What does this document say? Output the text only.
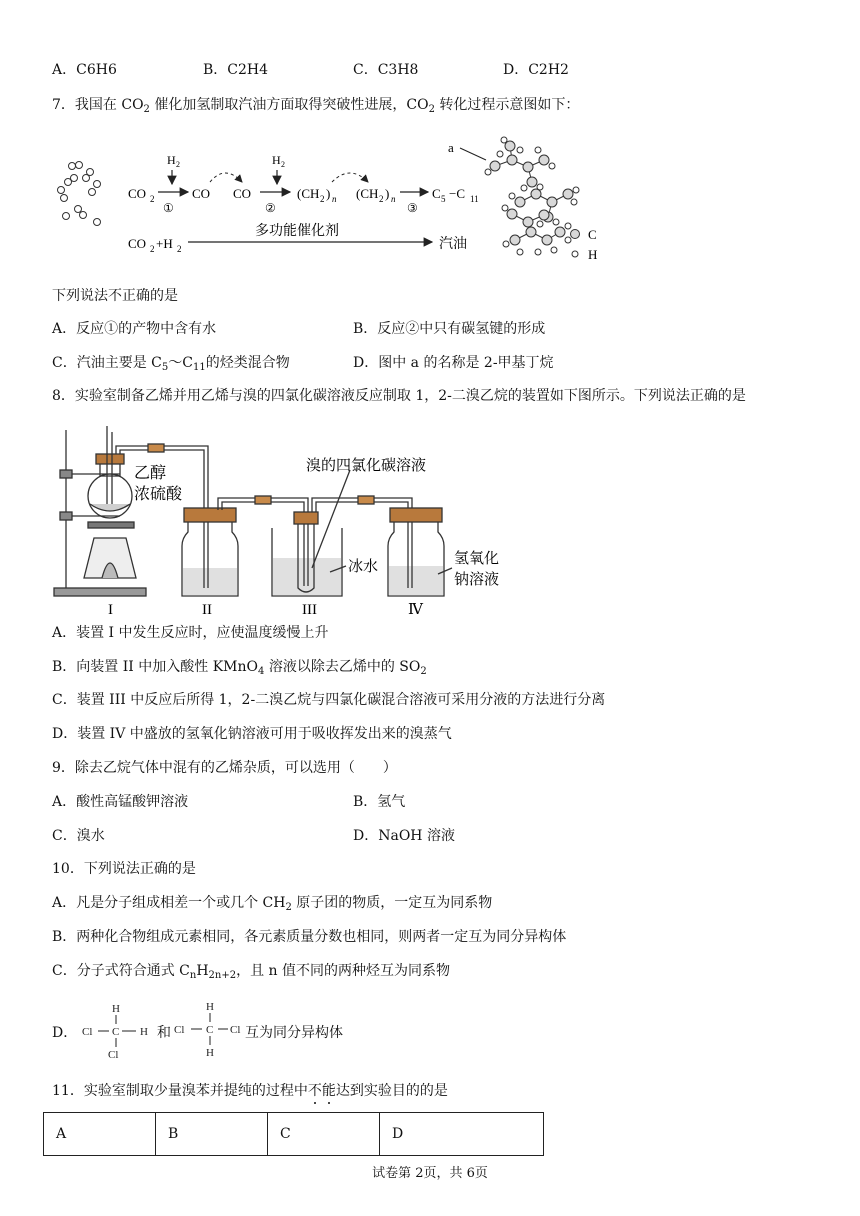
A．C6H6	B．C2H4	C．C3H8	D．C2H2
7．我国在 $CO_2$ 催化加氢制取汽油方面取得突破性进展，$CO_2$ 转化过程示意图如下：
CO 2
H 2
①
CO CO
H 2
②
(CH 2 ) n (CH 2 ) n
③
C 5 −C 11
CO 2 +H 2
多功能催化剂
汽油
a
C
H
下列说法不正确的是
A．反应①的产物中含有水	B．反应②中只有碳氢键的形成
C．汽油主要是 $C_5\sim C_{11}$的烃类混合物	D．图中 a 的名称是 2-甲基丁烷
8．实验室制备乙烯并用乙烯与溴的四氯化碳溶液反应制取 1，2-二溴乙烷的装置如下图所示。下列说法正确的是
乙醇
浓硫酸
溴的四氯化碳溶液
冰水	氢氧化
钠溶液
I	II	III	Ⅳ
A．装置 I 中发生反应时，应使温度缓慢上升
B．向装置 II 中加入酸性 KMnO$_4$ 溶液以除去乙烯中的 $SO_2$
C．装置 III 中反应后所得 1，2-二溴乙烷与四氯化碳混合溶液可采用分液的方法进行分离
D．装置 IV 中盛放的氢氧化钠溶液可用于吸收挥发出来的溴蒸气
9．除去乙烷气体中混有的乙烯杂质，可以选用（　　）
A．酸性高锰酸钾溶液	B．氢气
C．溴水	D．NaOH 溶液
10．下列说法正确的是
A．凡是分子组成相差一个或几个 $CH_2$ 原子团的物质，一定互为同系物
B．两种化合物组成元素相同，各元素质量分数也相同，则两者一定互为同分异构体
C．分子式符合通式 $C_nH_{2n+2}$，且 n 值不同的两种烃互为同系物
D．
H
Cl C H
Cl
H
Cl C Cl
H
和	互为同分异构体
11．实验室制取少量溴苯并提纯的过程中不能达到实验目的的是
A	B	C	D
试卷第 2页，共 6页
